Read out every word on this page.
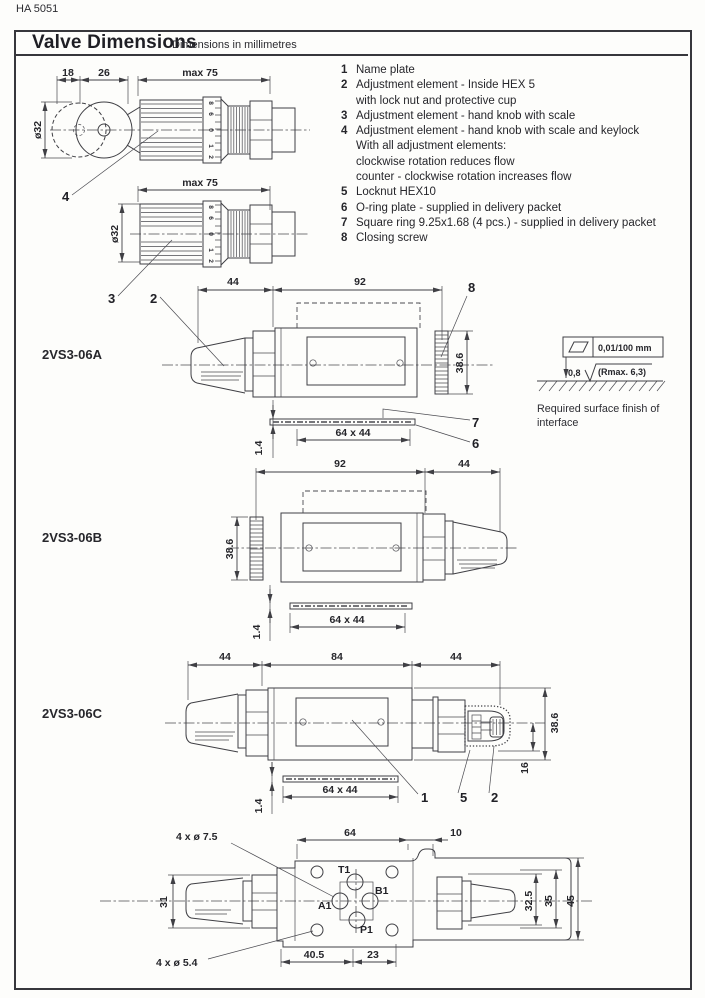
HA 5051
Valve Dimensions
Dimensions in millimetres
1 Name plate
2 Adjustment element - Inside HEX 5
with lock nut and protective cup
3 Adjustment element - hand knob with scale
4 Adjustment element - hand knob with scale and keylock
With all adjustment elements:
clockwise rotation reduces flow
counter - clockwise rotation increases flow
5 Locknut HEX10
6 O-ring plate - supplied in delivery packet
7 Square ring 9.25x1.68 (4 pcs.) - supplied in delivery packet
8 Closing screw
2VS3-06A
2VS3-06B
2VS3-06C
18 26	max 75
ø32
8
6
0
1
2
4
max 75
ø32
8
6
0
1
2
3	2
44	92
38.6
8
1.4
64 x 44
7
6
0,01/100 mm
0,8 (Rmax. 6,3)
Required surface finish of
interface
92	44
38.6
1.4
64 x 44
44	84	44
38.6
16
1.4
64 x 44	1 5 2
T1
B1
A1
P1
64	10
4 x ø 7.5
4 x ø 5.4
31	32.5 35 45
40.5	23
